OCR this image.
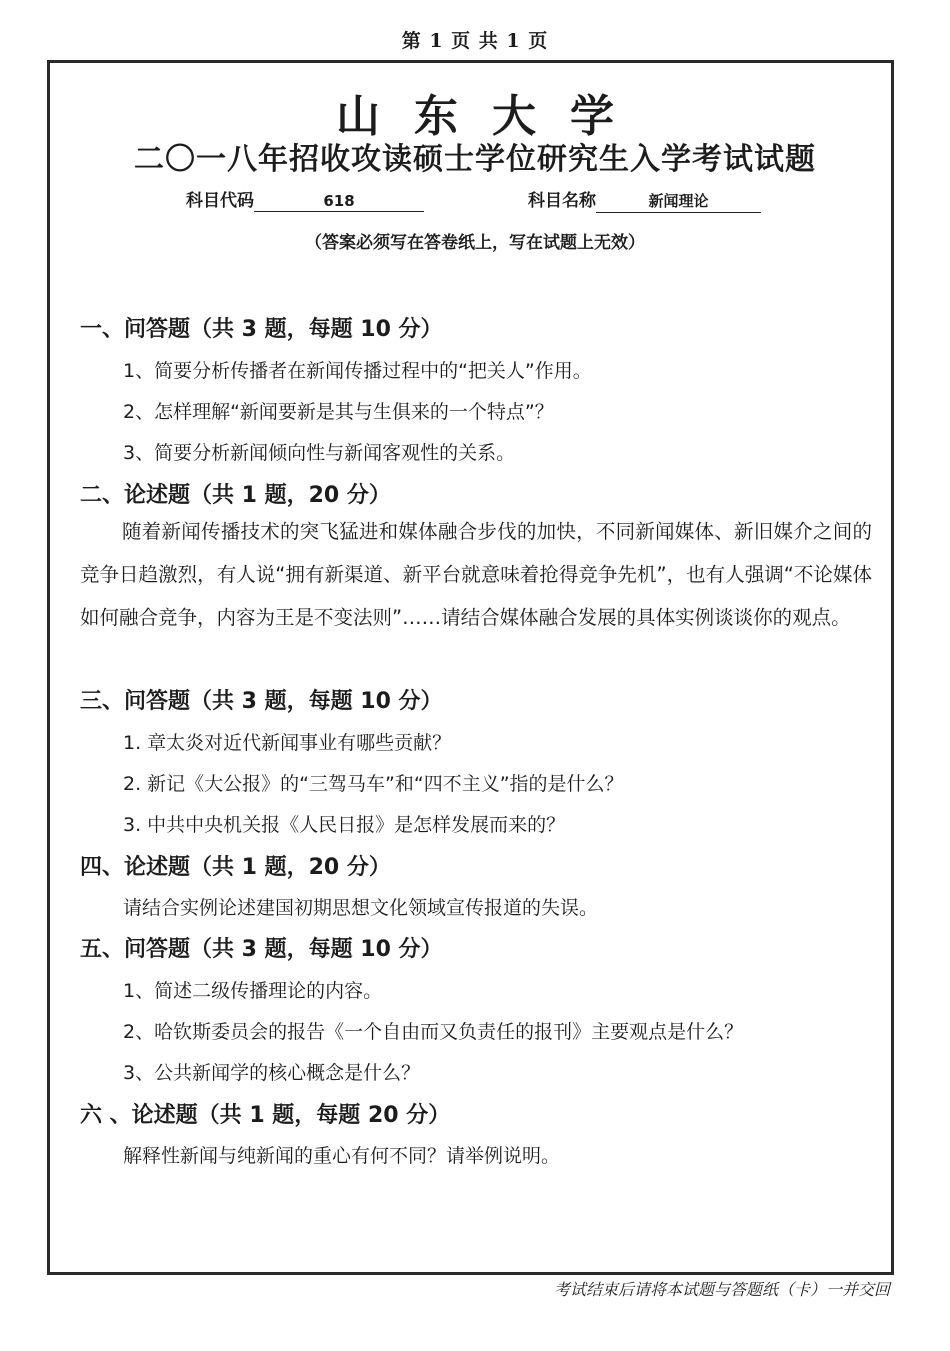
第 1 页 共 1 页
山东大学
二〇一八年招收攻读硕士学位研究生入学考试试题
科目代码	618	科目名称	新闻理论
（答案必须写在答卷纸上，写在试题上无效）
一、问答题（共 3 题，每题 10 分）
1、简要分析传播者在新闻传播过程中的“把关人”作用。
2、怎样理解“新闻要新是其与生俱来的一个特点”？
3、简要分析新闻倾向性与新闻客观性的关系。
二、论述题（共 1 题，20 分）
随着新闻传播技术的突飞猛进和媒体融合步伐的加快，不同新闻媒体、新旧媒介之间的竞争日趋激烈，有人说“拥有新渠道、新平台就意味着抢得竞争先机”，也有人强调“不论媒体如何融合竞争，内容为王是不变法则”……请结合媒体融合发展的具体实例谈谈你的观点。
三、问答题（共 3 题，每题 10 分）
1. 章太炎对近代新闻事业有哪些贡献？
2. 新记《大公报》的“三驾马车”和“四不主义”指的是什么？
3. 中共中央机关报《人民日报》是怎样发展而来的？
四、论述题（共 1 题，20 分）
请结合实例论述建国初期思想文化领域宣传报道的失误。
五、问答题（共 3 题，每题 10 分）
1、简述二级传播理论的内容。
2、哈钦斯委员会的报告《一个自由而又负责任的报刊》主要观点是什么？
3、公共新闻学的核心概念是什么？
六 、论述题（共 1 题，每题 20 分）
解释性新闻与纯新闻的重心有何不同？请举例说明。
考试结束后请将本试题与答题纸（卡）一并交回
